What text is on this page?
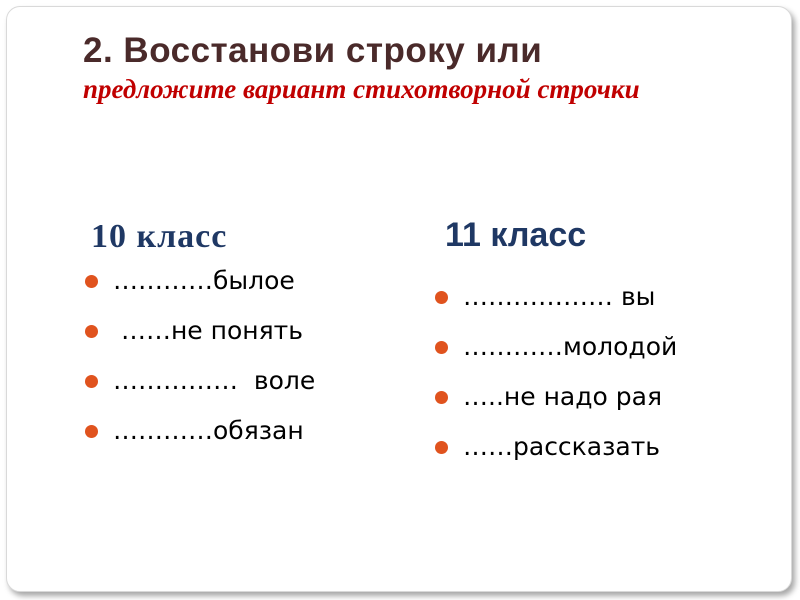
2. Восстанови строку или
предложите вариант стихотворной строчки
10 класс
…………былое
……не понять
……………  воле
…………обязан
11 класс
……………… вы
…………молодой
…..не надо рая
……рассказать
